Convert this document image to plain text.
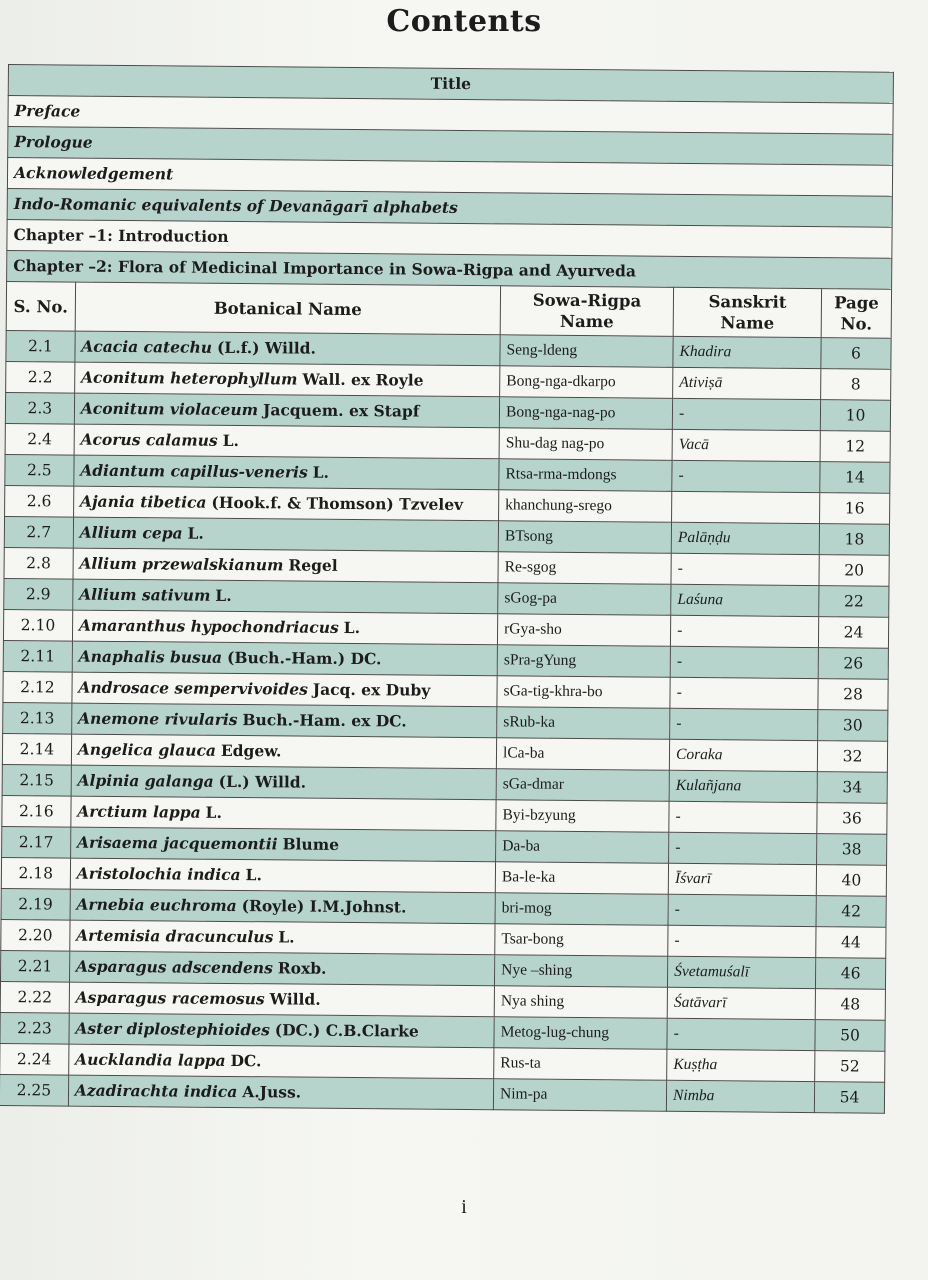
Contents
Title				
Preface				
Prologue				
Acknowledgement				
Indo-Romanic equivalents of Devanāgarī alphabets				
Chapter –1: Introduction				
Chapter –2: Flora of Medicinal Importance in Sowa-Rigpa and Ayurveda				
S. No.	Botanical Name	Sowa-Rigpa Name	Sanskrit Name	Page No.
2.1	Acacia catechu (L.f.) Willd.	Seng-ldeng	Khadira	6
2.2	Aconitum heterophyllum Wall. ex Royle	Bong-nga-dkarpo	Ativiṣā	8
2.3	Aconitum violaceum Jacquem. ex Stapf	Bong-nga-nag-po	-	10
2.4	Acorus calamus L.	Shu-dag nag-po	Vacā	12
2.5	Adiantum capillus-veneris L.	Rtsa-rma-mdongs	-	14
2.6	Ajania tibetica (Hook.f. & Thomson) Tzvelev	khanchung-srego		16
2.7	Allium cepa L.	BTsong	Palāṇḍu	18
2.8	Allium przewalskianum Regel	Re-sgog	-	20
2.9	Allium sativum L.	sGog-pa	Laśuna	22
2.10	Amaranthus hypochondriacus L.	rGya-sho	-	24
2.11	Anaphalis busua (Buch.-Ham.) DC.	sPra-gYung	-	26
2.12	Androsace sempervivoides Jacq. ex Duby	sGa-tig-khra-bo	-	28
2.13	Anemone rivularis Buch.-Ham. ex DC.	sRub-ka	-	30
2.14	Angelica glauca Edgew.	lCa-ba	Coraka	32
2.15	Alpinia galanga (L.) Willd.	sGa-dmar	Kulañjana	34
2.16	Arctium lappa L.	Byi-bzyung	-	36
2.17	Arisaema jacquemontii Blume	Da-ba	-	38
2.18	Aristolochia indica L.	Ba-le-ka	Īśvarī	40
2.19	Arnebia euchroma (Royle) I.M.Johnst.	bri-mog	-	42
2.20	Artemisia dracunculus L.	Tsar-bong	-	44
2.21	Asparagus adscendens Roxb.	Nye –shing	Śvetamuśalī	46
2.22	Asparagus racemosus Willd.	Nya shing	Śatāvarī	48
2.23	Aster diplostephioides (DC.) C.B.Clarke	Metog-lug-chung	-	50
2.24	Aucklandia lappa DC.	Rus-ta	Kuṣṭha	52
2.25	Azadirachta indica A.Juss.	Nim-pa	Nimba	54
i
